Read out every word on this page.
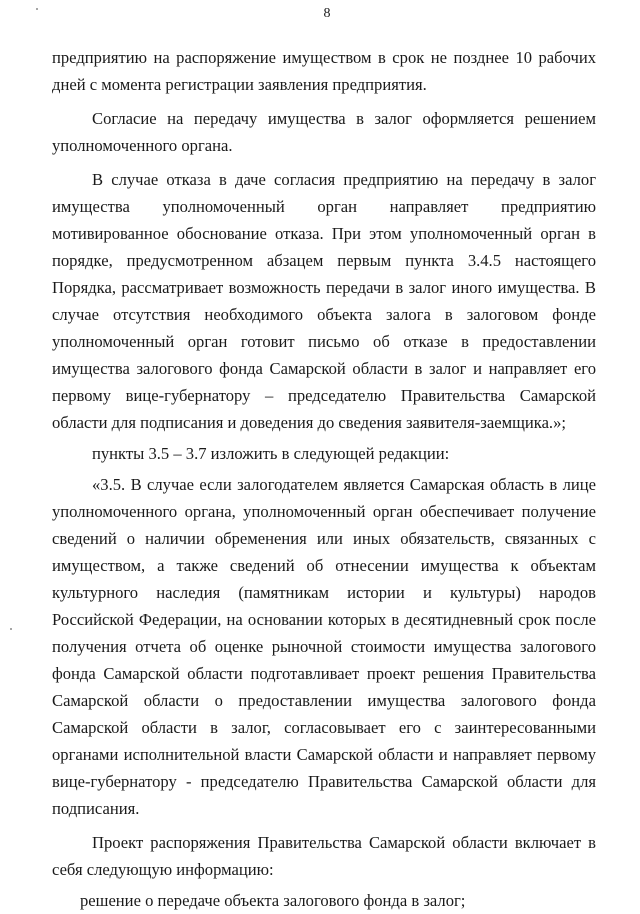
8

предприятию на распоряжение имуществом в срок не позднее 10 рабочих дней с момента регистрации заявления предприятия.

Согласие на передачу имущества в залог оформляется решением уполномоченного органа.

В случае отказа в даче согласия предприятию на передачу в залог имущества уполномоченный орган направляет предприятию мотивированное обоснование отказа. При этом уполномоченный орган в порядке, предусмотренном абзацем первым пункта 3.4.5 настоящего Порядка, рассматривает возможность передачи в залог иного имущества. В случае отсутствия необходимого объекта залога в залоговом фонде уполномоченный орган готовит письмо об отказе в предоставлении имущества залогового фонда Самарской области в залог и направляет его первому вице-губернатору – председателю Правительства Самарской области для подписания и доведения до сведения заявителя-заемщика.»;

пункты 3.5 – 3.7 изложить в следующей редакции:

«3.5. В случае если залогодателем является Самарская область в лице уполномоченного органа, уполномоченный орган обеспечивает получение сведений о наличии обременения или иных обязательств, связанных с имуществом, а также сведений об отнесении имущества к объектам культурного наследия (памятникам истории и культуры) народов Российской Федерации, на основании которых в десятидневный срок после получения отчета об оценке рыночной стоимости имущества залогового фонда Самарской области подготавливает проект решения Правительства Самарской области о предоставлении имущества залогового фонда Самарской области в залог, согласовывает его с заинтересованными органами исполнительной власти Самарской области и направляет первому вице-губернатору - председателю Правительства Самарской области для подписания.

Проект распоряжения Правительства Самарской области включает в себя следующую информацию:

решение о передаче объекта залогового фонда в залог;
